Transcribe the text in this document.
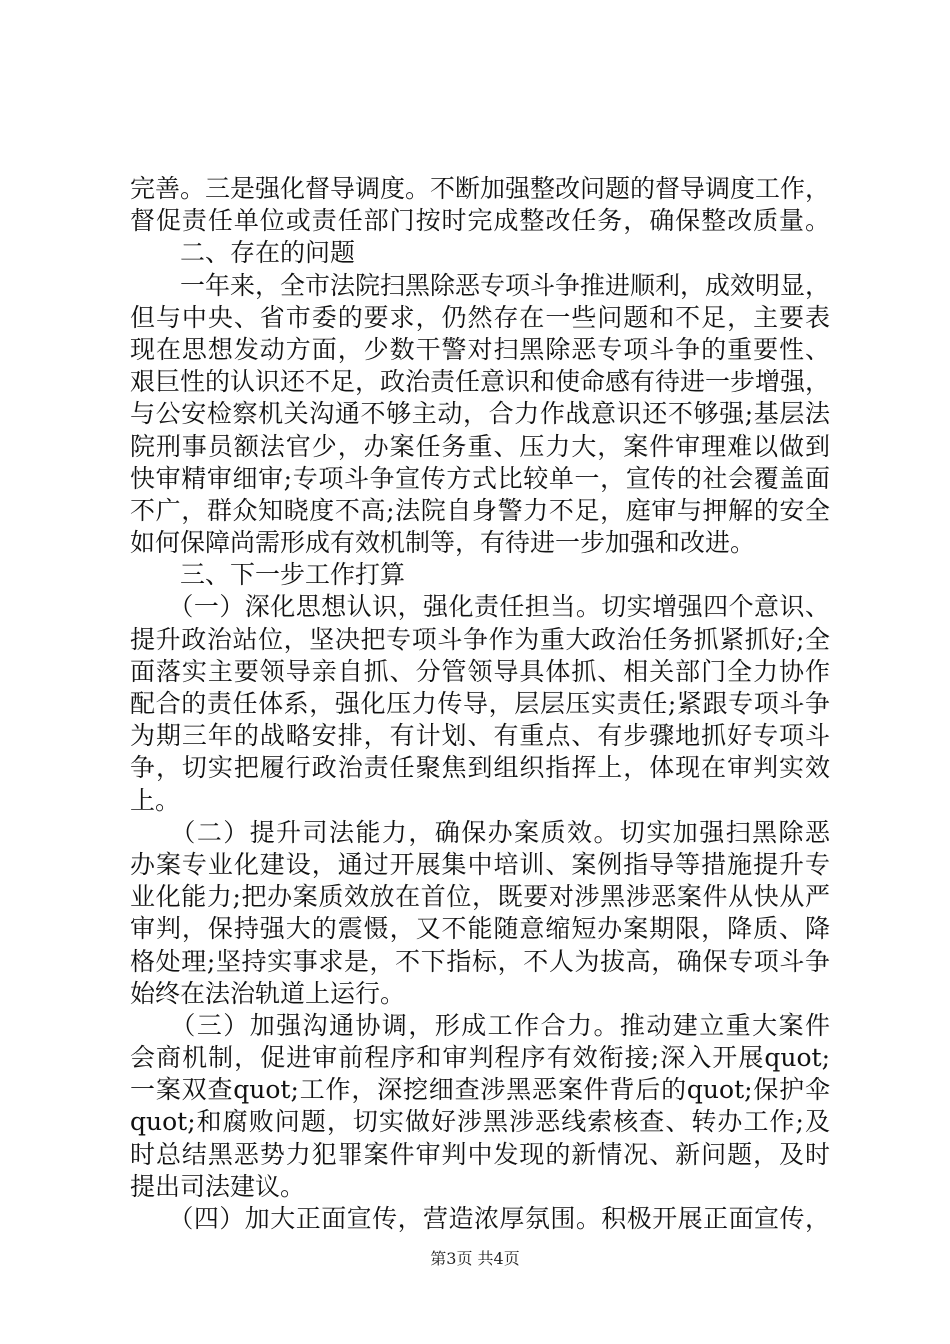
完善。三是强化督导调度。不断加强整改问题的督导调度工作，
督促责任单位或责任部门按时完成整改任务，确保整改质量。
　　二、存在的问题
　　一年来，全市法院扫黑除恶专项斗争推进顺利，成效明显，
但与中央、省市委的要求，仍然存在一些问题和不足，主要表
现在思想发动方面，少数干警对扫黑除恶专项斗争的重要性、
艰巨性的认识还不足，政治责任意识和使命感有待进一步增强，
与公安检察机关沟通不够主动，合力作战意识还不够强;基层法
院刑事员额法官少，办案任务重、压力大，案件审理难以做到
快审精审细审;专项斗争宣传方式比较单一，宣传的社会覆盖面
不广，群众知晓度不高;法院自身警力不足，庭审与押解的安全
如何保障尚需形成有效机制等，有待进一步加强和改进。
　　三、下一步工作打算
　　（一）深化思想认识，强化责任担当。切实增强四个意识、
提升政治站位，坚决把专项斗争作为重大政治任务抓紧抓好;全
面落实主要领导亲自抓、分管领导具体抓、相关部门全力协作
配合的责任体系，强化压力传导，层层压实责任;紧跟专项斗争
为期三年的战略安排，有计划、有重点、有步骤地抓好专项斗
争，切实把履行政治责任聚焦到组织指挥上，体现在审判实效
上。
　　（二）提升司法能力，确保办案质效。切实加强扫黑除恶
办案专业化建设，通过开展集中培训、案例指导等措施提升专
业化能力;把办案质效放在首位，既要对涉黑涉恶案件从快从严
审判，保持强大的震慑，又不能随意缩短办案期限，降质、降
格处理;坚持实事求是，不下指标，不人为拔高，确保专项斗争
始终在法治轨道上运行。
　　（三）加强沟通协调，形成工作合力。推动建立重大案件
会商机制，促进审前程序和审判程序有效衔接;深入开展quot;
一案双查quot;工作，深挖细查涉黑恶案件背后的quot;保护伞
quot;和腐败问题，切实做好涉黑涉恶线索核查、转办工作;及
时总结黑恶势力犯罪案件审判中发现的新情况、新问题，及时
提出司法建议。
　　（四）加大正面宣传，营造浓厚氛围。积极开展正面宣传，
第3页 共4页
